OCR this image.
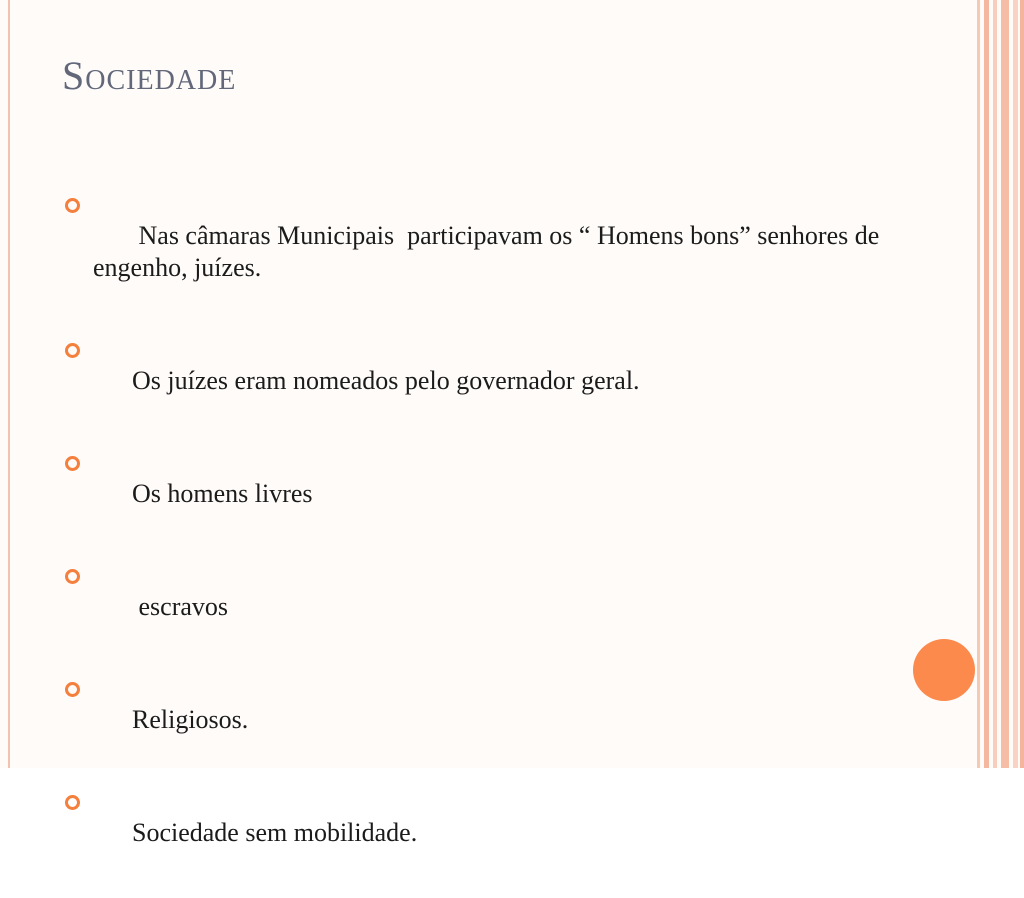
Sociedade

Nas câmaras Municipais  participavam os “ Homens bons” senhores de engenho, juízes.

Os juízes eram nomeados pelo governador geral.

Os homens livres

escravos

Religiosos.

Sociedade sem mobilidade.
